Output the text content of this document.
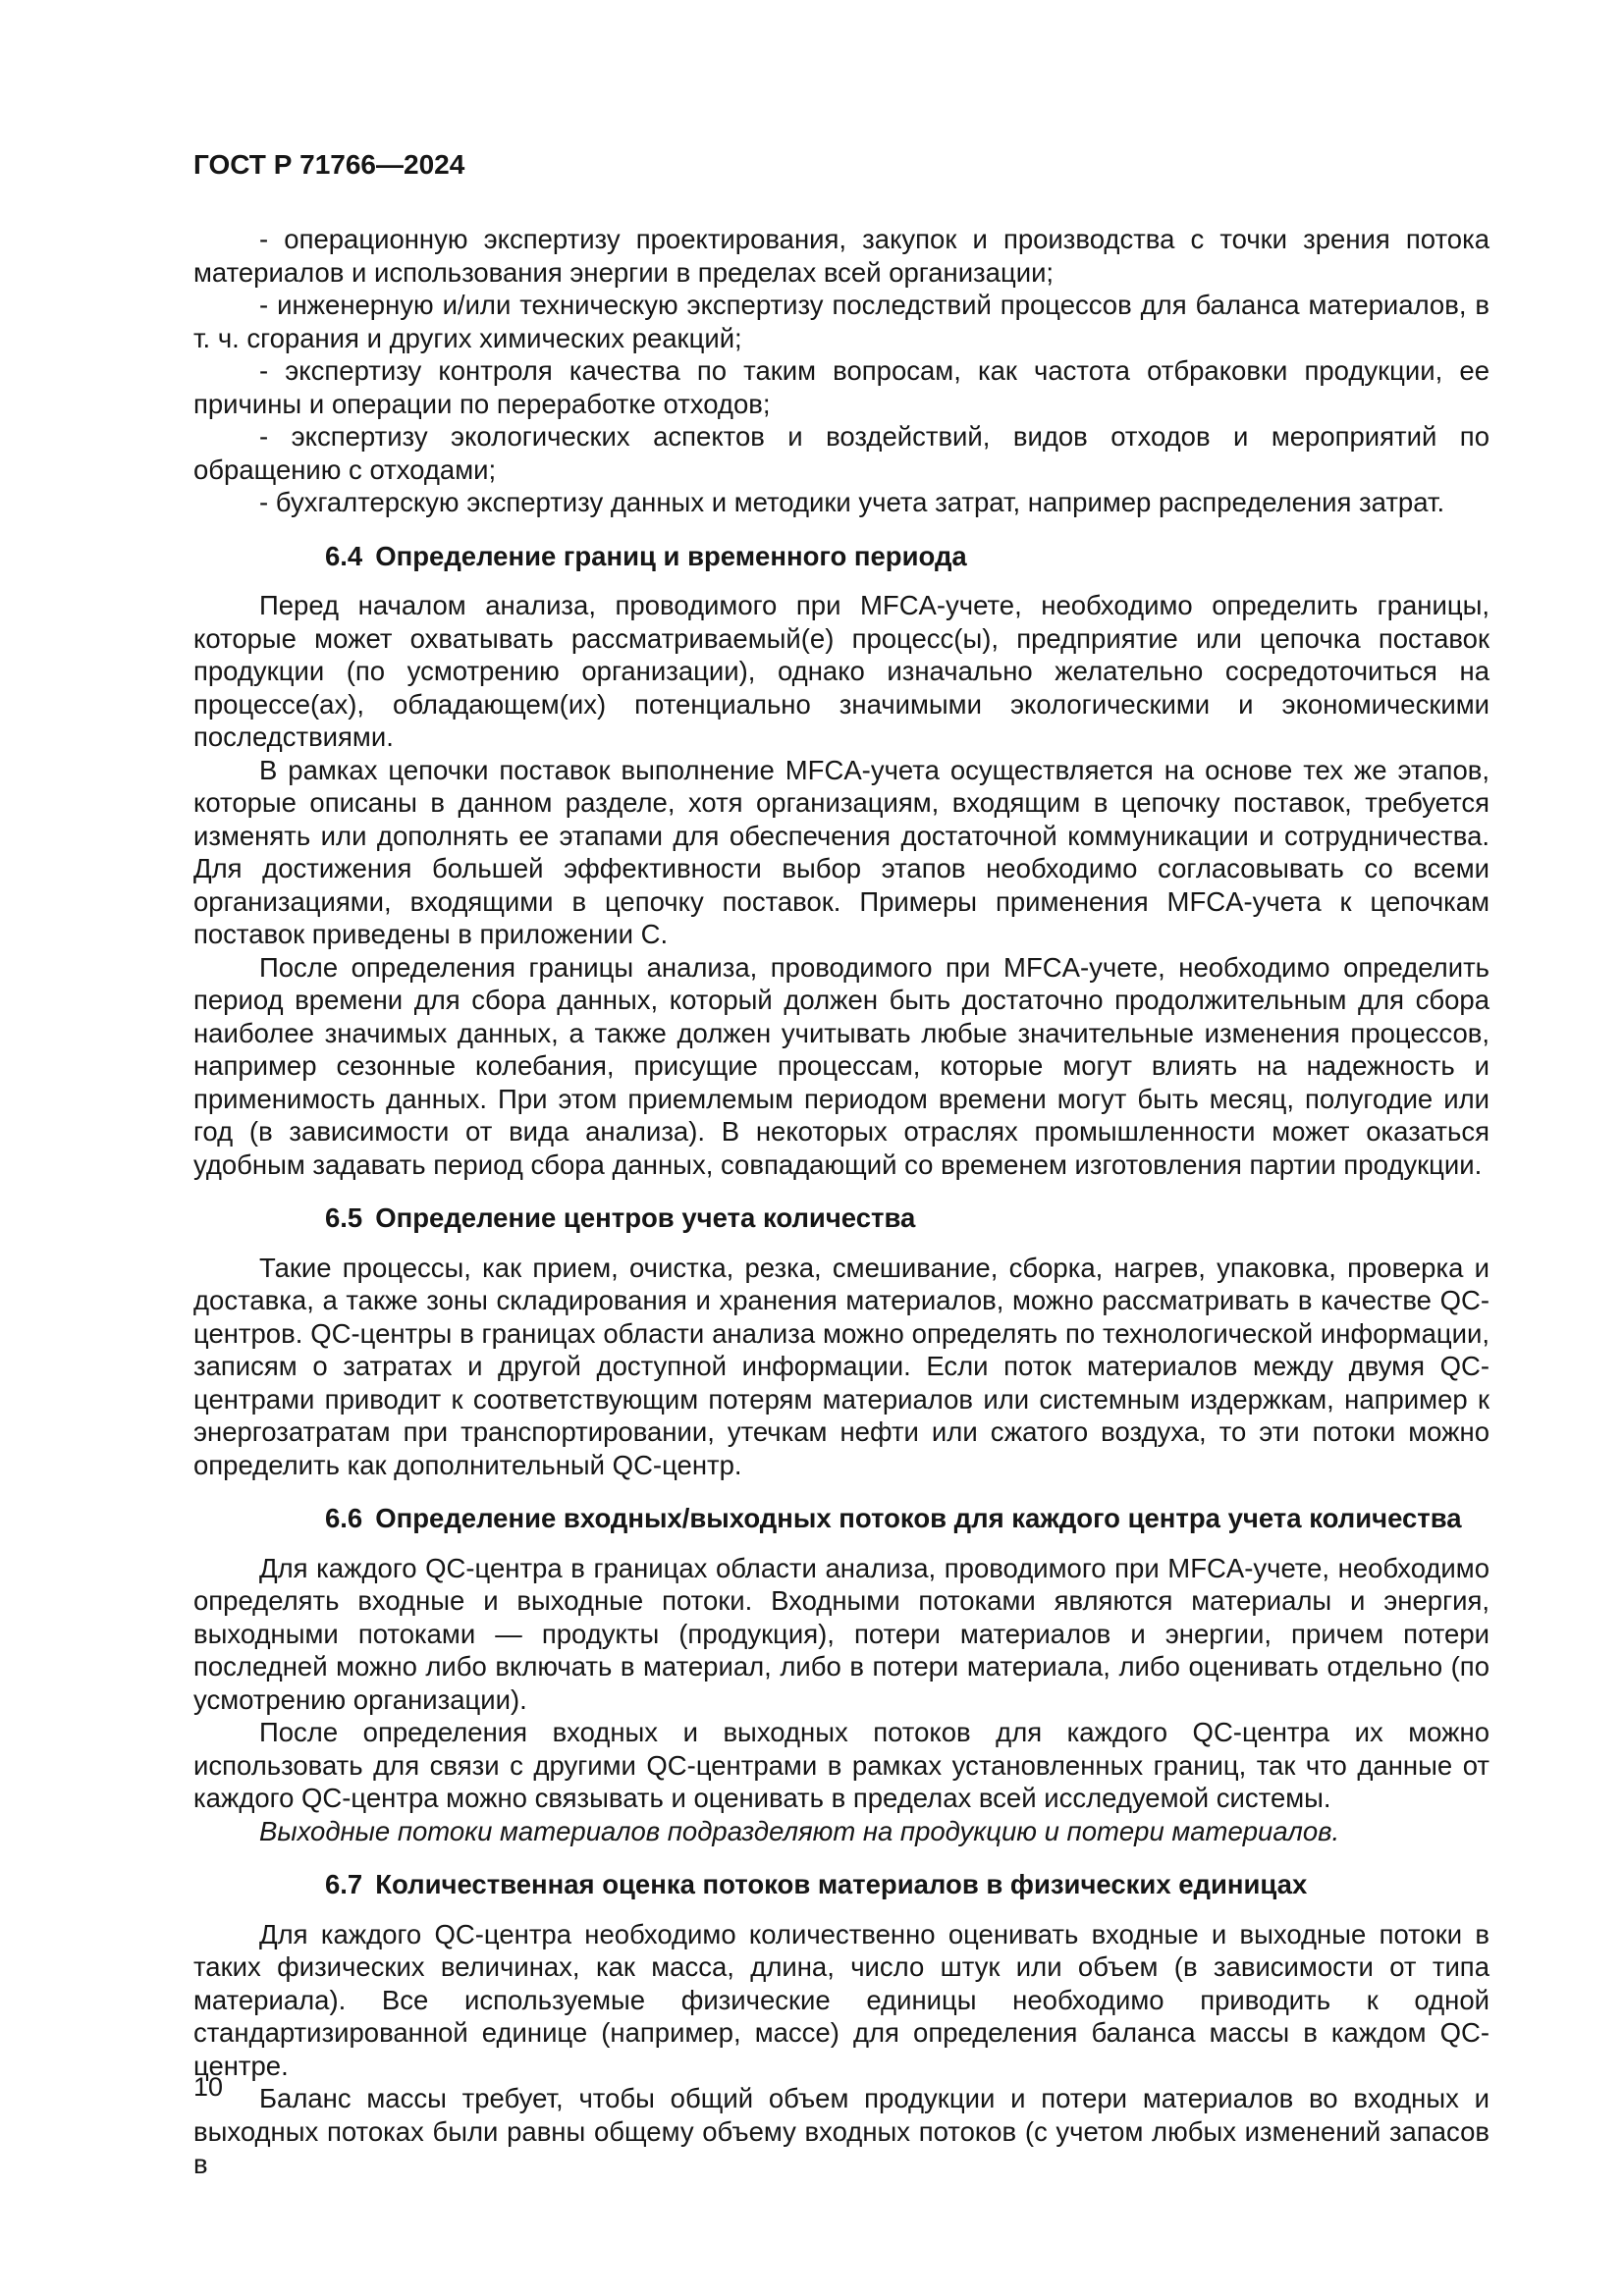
ГОСТ Р 71766—2024

- операционную экспертизу проектирования, закупок и производства с точки зрения потока материалов и использования энергии в пределах всей организации;

- инженерную и/или техническую экспертизу последствий процессов для баланса материалов, в т. ч. сгорания и других химических реакций;

- экспертизу контроля качества по таким вопросам, как частота отбраковки продукции, ее причины и операции по переработке отходов;

- экспертизу экологических аспектов и воздействий, видов отходов и мероприятий по обращению с отходами;

- бухгалтерскую экспертизу данных и методики учета затрат, например распределения затрат.

6.4 Определение границ и временного периода

Перед началом анализа, проводимого при MFCA-учете, необходимо определить границы, которые может охватывать рассматриваемый(е) процесс(ы), предприятие или цепочка поставок продукции (по усмотрению организации), однако изначально желательно сосредоточиться на процессе(ах), обладающем(их) потенциально значимыми экологическими и экономическими последствиями.

В рамках цепочки поставок выполнение MFCA-учета осуществляется на основе тех же этапов, которые описаны в данном разделе, хотя организациям, входящим в цепочку поставок, требуется изменять или дополнять ее этапами для обеспечения достаточной коммуникации и сотрудничества. Для достижения большей эффективности выбор этапов необходимо согласовывать со всеми организациями, входящими в цепочку поставок. Примеры применения MFCA-учета к цепочкам поставок приведены в приложении С.

После определения границы анализа, проводимого при MFCA-учете, необходимо определить период времени для сбора данных, который должен быть достаточно продолжительным для сбора наиболее значимых данных, а также должен учитывать любые значительные изменения процессов, например сезонные колебания, присущие процессам, которые могут влиять на надежность и применимость данных. При этом приемлемым периодом времени могут быть месяц, полугодие или год (в зависимости от вида анализа). В некоторых отраслях промышленности может оказаться удобным задавать период сбора данных, совпадающий со временем изготовления партии продукции.

6.5 Определение центров учета количества

Такие процессы, как прием, очистка, резка, смешивание, сборка, нагрев, упаковка, проверка и доставка, а также зоны складирования и хранения материалов, можно рассматривать в качестве QC-центров. QC-центры в границах области анализа можно определять по технологической информации, записям о затратах и другой доступной информации. Если поток материалов между двумя QC-центрами приводит к соответствующим потерям материалов или системным издержкам, например к энергозатратам при транспортировании, утечкам нефти или сжатого воздуха, то эти потоки можно определить как дополнительный QC-центр.

6.6 Определение входных/выходных потоков для каждого центра учета количества

Для каждого QC-центра в границах области анализа, проводимого при MFCA-учете, необходимо определять входные и выходные потоки. Входными потоками являются материалы и энергия, выходными потоками — продукты (продукция), потери материалов и энергии, причем потери последней можно либо включать в материал, либо в потери материала, либо оценивать отдельно (по усмотрению организации).

После определения входных и выходных потоков для каждого QC-центра их можно использовать для связи с другими QC-центрами в рамках установленных границ, так что данные от каждого QC-центра можно связывать и оценивать в пределах всей исследуемой системы.

Выходные потоки материалов подразделяют на продукцию и потери материалов.

6.7 Количественная оценка потоков материалов в физических единицах

Для каждого QC-центра необходимо количественно оценивать входные и выходные потоки в таких физических величинах, как масса, длина, число штук или объем (в зависимости от типа материала). Все используемые физические единицы необходимо приводить к одной стандартизированной единице (например, массе) для определения баланса массы в каждом QC-центре.

Баланс массы требует, чтобы общий объем продукции и потери материалов во входных и выходных потоках были равны общему объему входных потоков (с учетом любых изменений запасов в

10
